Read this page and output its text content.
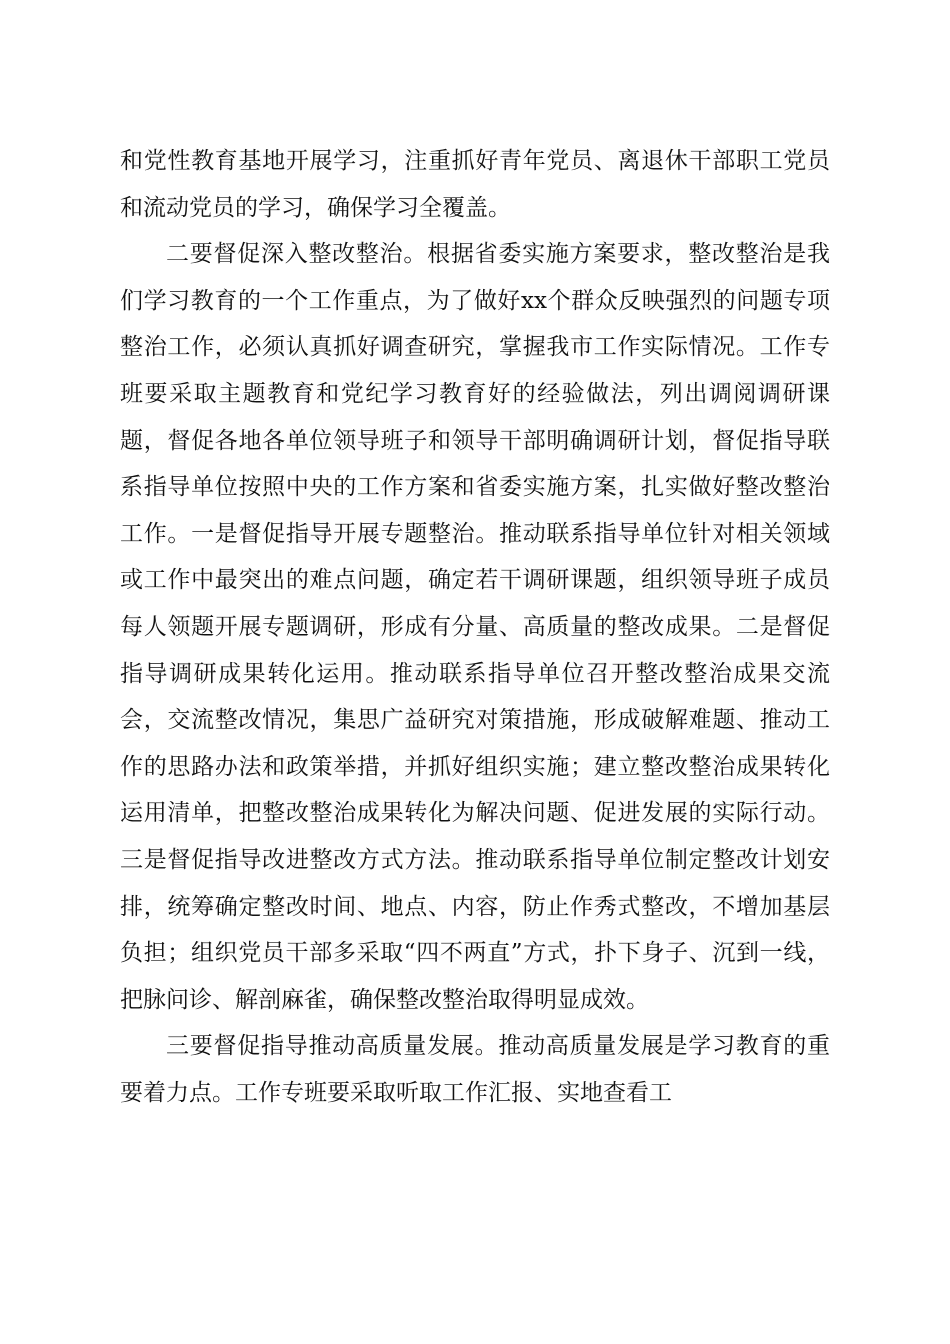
和党性教育基地开展学习，注重抓好青年党员、离退休干部职工党员和流动党员的学习，确保学习全覆盖。

二要督促深入整改整治。根据省委实施方案要求，整改整治是我们学习教育的一个工作重点，为了做好xx个群众反映强烈的问题专项整治工作，必须认真抓好调查研究，掌握我市工作实际情况。工作专班要采取主题教育和党纪学习教育好的经验做法，列出调阅调研课题，督促各地各单位领导班子和领导干部明确调研计划，督促指导联系指导单位按照中央的工作方案和省委实施方案，扎实做好整改整治工作。一是督促指导开展专题整治。推动联系指导单位针对相关领域或工作中最突出的难点问题，确定若干调研课题，组织领导班子成员每人领题开展专题调研，形成有分量、高质量的整改成果。二是督促指导调研成果转化运用。推动联系指导单位召开整改整治成果交流会，交流整改情况，集思广益研究对策措施，形成破解难题、推动工作的思路办法和政策举措，并抓好组织实施；建立整改整治成果转化运用清单，把整改整治成果转化为解决问题、促进发展的实际行动。三是督促指导改进整改方式方法。推动联系指导单位制定整改计划安排，统筹确定整改时间、地点、内容，防止作秀式整改，不增加基层负担；组织党员干部多采取“四不两直”方式，扑下身子、沉到一线，把脉问诊、解剖麻雀，确保整改整治取得明显成效。

三要督促指导推动高质量发展。推动高质量发展是学习教育的重要着力点。工作专班要采取听取工作汇报、实地查看工
